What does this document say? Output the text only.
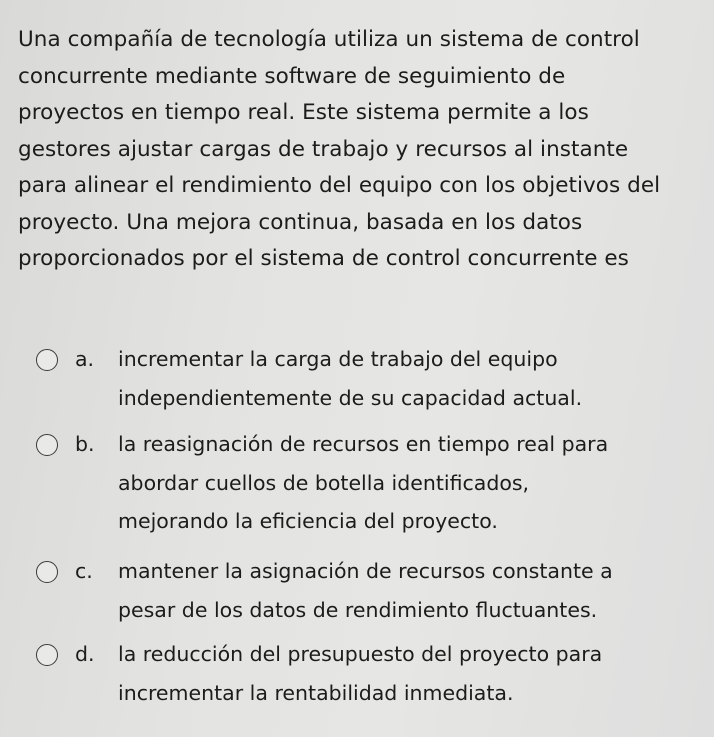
Una compañía de tecnología utiliza un sistema de control
concurrente mediante software de seguimiento de
proyectos en tiempo real. Este sistema permite a los
gestores ajustar cargas de trabajo y recursos al instante
para alinear el rendimiento del equipo con los objetivos del
proyecto. Una mejora continua, basada en los datos
proporcionados por el sistema de control concurrente es
a. incrementar la carga de trabajo del equipo
independientemente de su capacidad actual.
b. la reasignación de recursos en tiempo real para
abordar cuellos de botella identificados,
mejorando la eficiencia del proyecto.
c. mantener la asignación de recursos constante a
pesar de los datos de rendimiento fluctuantes.
d. la reducción del presupuesto del proyecto para
incrementar la rentabilidad inmediata.
